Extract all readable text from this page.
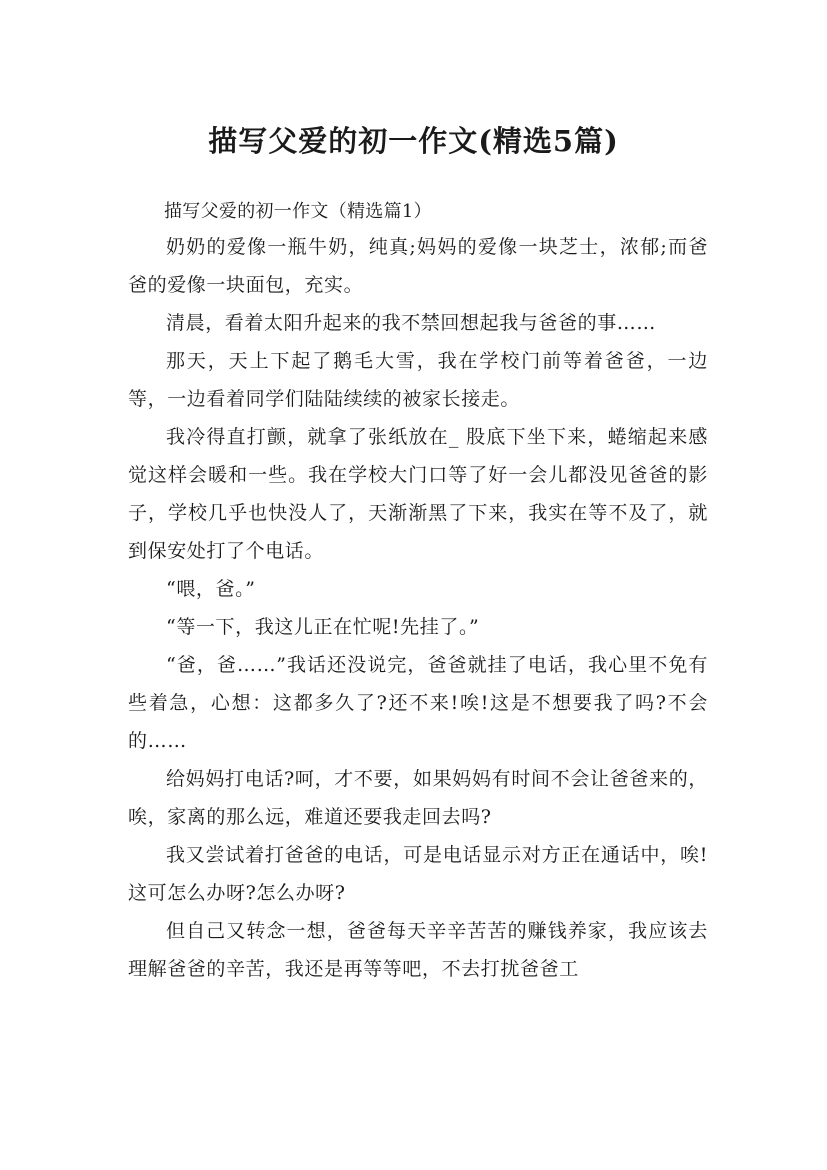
描写父爱的初一作文(精选5篇)

描写父爱的初一作文（精选篇1）

奶奶的爱像一瓶牛奶，纯真;妈妈的爱像一块芝士，浓郁;而爸爸的爱像一块面包，充实。

清晨，看着太阳升起来的我不禁回想起我与爸爸的事……

那天，天上下起了鹅毛大雪，我在学校门前等着爸爸，一边等，一边看着同学们陆陆续续的被家长接走。

我冷得直打颤，就拿了张纸放在_ 股底下坐下来，蜷缩起来感觉这样会暖和一些。我在学校大门口等了好一会儿都没见爸爸的影子，学校几乎也快没人了，天渐渐黑了下来，我实在等不及了，就到保安处打了个电话。

“喂，爸。”

“等一下，我这儿正在忙呢!先挂了。”

“爸，爸……”我话还没说完，爸爸就挂了电话，我心里不免有些着急，心想：这都多久了?还不来!唉!这是不想要我了吗?不会的……

给妈妈打电话?呵，才不要，如果妈妈有时间不会让爸爸来的，唉，家离的那么远，难道还要我走回去吗?

我又尝试着打爸爸的电话，可是电话显示对方正在通话中，唉!这可怎么办呀?怎么办呀?

但自己又转念一想，爸爸每天辛辛苦苦的赚钱养家，我应该去理解爸爸的辛苦，我还是再等等吧，不去打扰爸爸工
